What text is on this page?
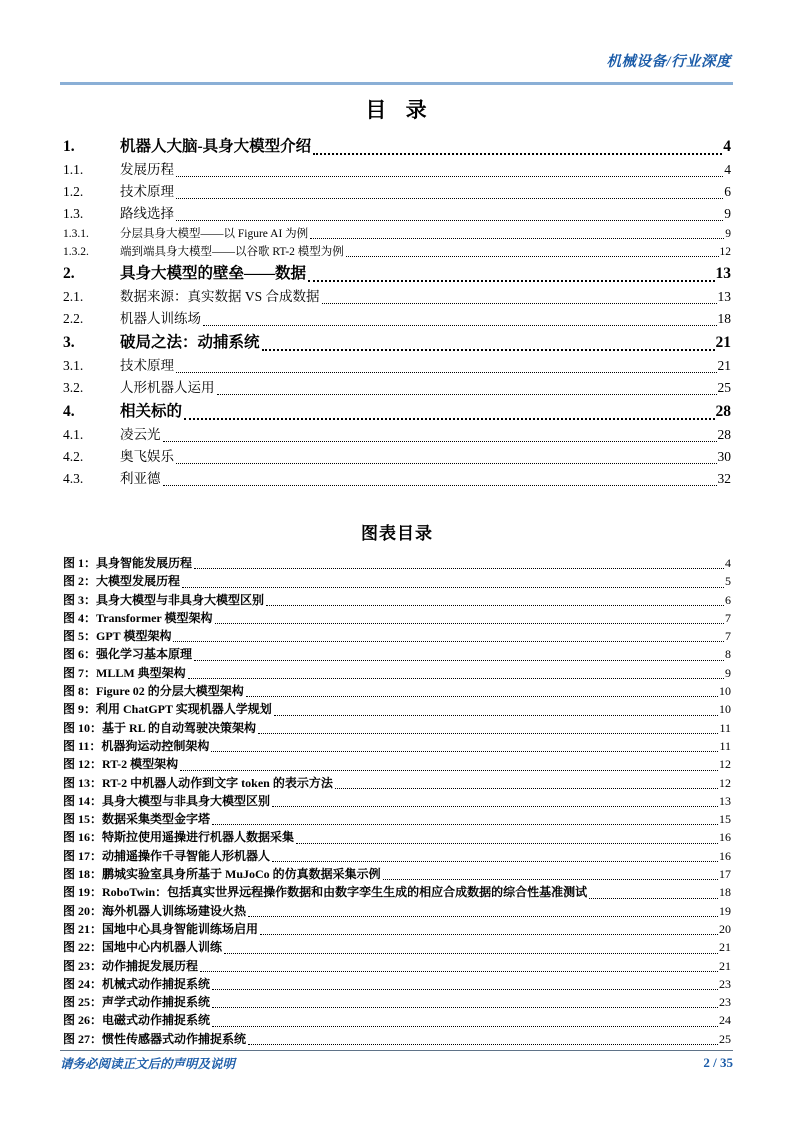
机械设备/行业深度
目 录
1.	机器人大脑-具身大模型介绍	4
1.1.	发展历程	4
1.2.	技术原理	6
1.3.	路线选择	9
1.3.1.	分层具身大模型——以 Figure AI 为例	9
1.3.2.	端到端具身大模型——以谷歌 RT-2 模型为例	12
2.	具身大模型的壁垒——数据	13
2.1.	数据来源：真实数据 VS 合成数据	13
2.2.	机器人训练场	18
3.	破局之法：动捕系统	21
3.1.	技术原理	21
3.2.	人形机器人运用	25
4.	相关标的	28
4.1.	凌云光	28
4.2.	奥飞娱乐	30
4.3.	利亚德	32
图表目录
图 1：具身智能发展历程	4
图 2：大模型发展历程	5
图 3：具身大模型与非具身大模型区别	6
图 4：Transformer 模型架构	7
图 5：GPT 模型架构	7
图 6：强化学习基本原理	8
图 7：MLLM 典型架构	9
图 8：Figure 02 的分层大模型架构	10
图 9：利用 ChatGPT 实现机器人学规划	10
图 10：基于 RL 的自动驾驶决策架构	11
图 11：机器狗运动控制架构	11
图 12：RT-2 模型架构	12
图 13：RT-2 中机器人动作到文字 token 的表示方法	12
图 14：具身大模型与非具身大模型区别	13
图 15：数据采集类型金字塔	15
图 16：特斯拉使用遥操进行机器人数据采集	16
图 17：动捕遥操作千寻智能人形机器人	16
图 18：鹏城实验室具身所基于 MuJoCo 的仿真数据采集示例	17
图 19：RoboTwin：包括真实世界远程操作数据和由数字孪生生成的相应合成数据的综合性基准测试	18
图 20：海外机器人训练场建设火热	19
图 21：国地中心具身智能训练场启用	20
图 22：国地中心内机器人训练	21
图 23：动作捕捉发展历程	21
图 24：机械式动作捕捉系统	23
图 25：声学式动作捕捉系统	23
图 26：电磁式动作捕捉系统	24
图 27：惯性传感器式动作捕捉系统	25
请务必阅读正文后的声明及说明	2 / 35
